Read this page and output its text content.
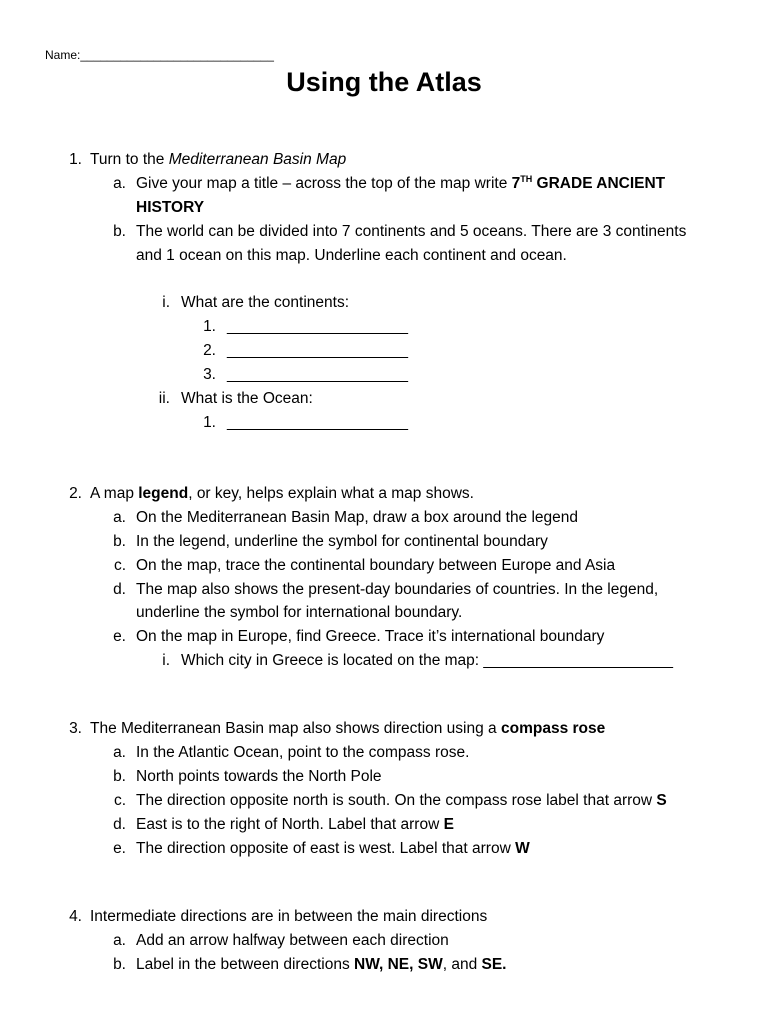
Name:_____________________________
Using the Atlas
1. Turn to the Mediterranean Basin Map
a. Give your map a title – across the top of the map write 7TH GRADE ANCIENT
HISTORY
b. The world can be divided into 7 continents and 5 oceans. There are 3 continents
and 1 ocean on this map. Underline each continent and ocean.
i. What are the continents:
1. _____________________
2. _____________________
3. _____________________
ii. What is the Ocean:
1. _____________________
2. A map legend, or key, helps explain what a map shows.
a. On the Mediterranean Basin Map, draw a box around the legend
b. In the legend, underline the symbol for continental boundary
c. On the map, trace the continental boundary between Europe and Asia
d. The map also shows the present-day boundaries of countries. In the legend,
underline the symbol for international boundary.
e. On the map in Europe, find Greece. Trace it’s international boundary
i. Which city in Greece is located on the map: ______________________
3. The Mediterranean Basin map also shows direction using a compass rose
a. In the Atlantic Ocean, point to the compass rose.
b. North points towards the North Pole
c. The direction opposite north is south. On the compass rose label that arrow S
d. East is to the right of North. Label that arrow E
e. The direction opposite of east is west. Label that arrow W
4. Intermediate directions are in between the main directions
a. Add an arrow halfway between each direction
b. Label in the between directions NW, NE, SW, and SE.
